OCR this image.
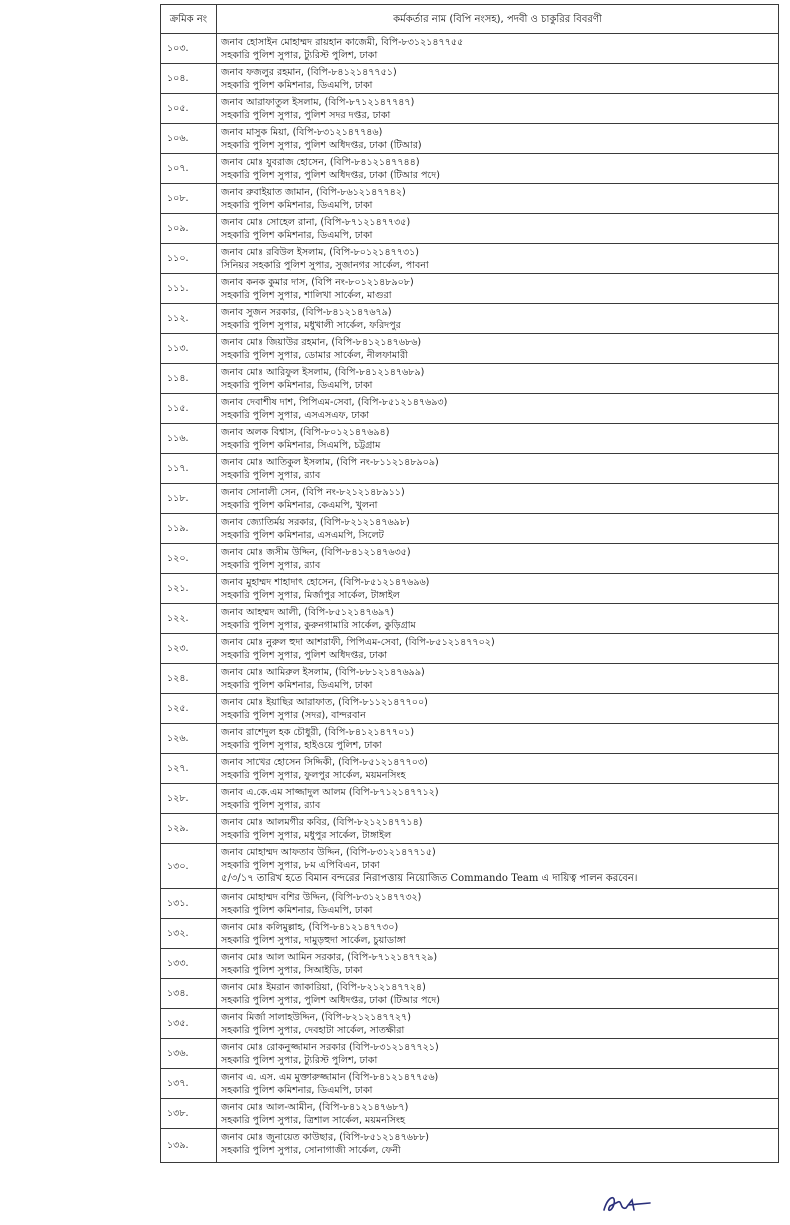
ক্রমিক নং	কর্মকর্তার নাম (বিপি নংসহ), পদবী ও চাকুরির বিবরণী
১০৩.	জনাব হোসাইন মোহাম্মদ রায়হান কাজেমী, বিপি-৮৩১২১৪৭৭৫৫
সহকারি পুলিশ সুপার, ট্যুরিস্ট পুলিশ, ঢাকা

১০৪.	জনাব ফজলুর রহমান, (বিপি-৮৪১২১৪৭৭৫১)
সহকারি পুলিশ কমিশনার, ডিএমপি, ঢাকা

১০৫.	জনাব আরাফাতুল ইসলাম, (বিপি-৮৭১২১৪৭৭৪৭)
সহকারি পুলিশ সুপার, পুলিশ সদর দপ্তর, ঢাকা

১০৬.	জনাব মাসুক মিয়া, (বিপি-৮৩১২১৪৭৭৪৬)
সহকারি পুলিশ সুপার, পুলিশ অধিদপ্তর, ঢাকা (টিআর)

১০৭.	জনাব মোঃ যুবরাজ হোসেন, (বিপি-৮৪১২১৪৭৭৪৪)
সহকারি পুলিশ সুপার, পুলিশ অধিদপ্তর, ঢাকা (টিআর পদে)

১০৮.	জনাব রুবাইয়াত জামান, (বিপি-৮৬১২১৪৭৭৪২)
সহকারি পুলিশ কমিশনার, ডিএমপি, ঢাকা

১০৯.	জনাব মোঃ সোহেল রানা, (বিপি-৮৭১২১৪৭৭৩৫)
সহকারি পুলিশ কমিশনার, ডিএমপি, ঢাকা

১১০.	জনাব মোঃ রবিউল ইসলাম, (বিপি-৮০১২১৪৭৭৩১)
সিনিয়র সহকারি পুলিশ সুপার, সুজানগর সার্কেল, পাবনা

১১১.	জনাব কনক কুমার দাস, (বিপি নং-৮০১২১৪৮৯০৮)
সহকারি পুলিশ সুপার, শালিখা সার্কেল, মাগুরা

১১২.	জনাব সুজন সরকার, (বিপি-৮৪১২১৪৭৬৭৯)
সহকারি পুলিশ সুপার, মধুখালী সার্কেল, ফরিদপুর

১১৩.	জনাব মোঃ জিয়াউর রহমান, (বিপি-৮৪১২১৪৭৬৮৬)
সহকারি পুলিশ সুপার, ডোমার সার্কেল, নীলফামারী

১১৪.	জনাব মোঃ আরিফুল ইসলাম, (বিপি-৮৪১২১৪৭৬৮৯)
সহকারি পুলিশ কমিশনার, ডিএমপি, ঢাকা

১১৫.	জনাব দেবাশীষ দাশ, পিপিএম-সেবা, (বিপি-৮৫১২১৪৭৬৯৩)
সহকারি পুলিশ সুপার, এসএসএফ, ঢাকা

১১৬.	জনাব অলক বিশ্বাস, (বিপি-৮০১২১৪৭৬৯৪)
সহকারি পুলিশ কমিশনার, সিএমপি, চট্টগ্রাম

১১৭.	জনাব মোঃ আতিকুল ইসলাম, (বিপি নং-৮১১২১৪৮৯০৯)
সহকারি পুলিশ সুপার, র‌্যাব

১১৮.	জনাব সোনালী সেন, (বিপি নং-৮২১২১৪৮৯১১)
সহকারি পুলিশ কমিশনার, কেএমপি, খুলনা

১১৯.	জনাব জ্যোতির্ময় সরকার, (বিপি-৮২১২১৪৭৬৯৮)
সহকারি পুলিশ কমিশনার, এসএমপি, সিলেট

১২০.	জনাব মোঃ জসীম উদ্দিন, (বিপি-৮৪১২১৪৭৬৩৫)
সহকারি পুলিশ সুপার, র‌্যাব

১২১.	জনাব মুহাম্মদ শাহাদাৎ হোসেন, (বিপি-৮৫১২১৪৭৬৯৬)
সহকারি পুলিশ সুপার, মির্জাপুর সার্কেল, টাঙ্গাইল

১২২.	জনাব আহম্মদ আলী, (বিপি-৮৫১২১৪৭৬৯৭)
সহকারি পুলিশ সুপার, কুরুনগামারি সার্কেল, কুড়িগ্রাম

১২৩.	জনাব মোঃ নুরুল হুদা আশরাফী, পিপিএম-সেবা, (বিপি-৮৫১২১৪৭৭০২)
সহকারি পুলিশ সুপার, পুলিশ অধিদপ্তর, ঢাকা

১২৪.	জনাব মোঃ আমিরুল ইসলাম, (বিপি-৮৮১২১৪৭৬৯৯)
সহকারি পুলিশ কমিশনার, ডিএমপি, ঢাকা

১২৫.	জনাব মোঃ ইয়াছির আরাফাত, (বিপি-৮১১২১৪৭৭০০)
সহকারি পুলিশ সুপার (সদর), বান্দরবান

১২৬.	জনাব রাশেদুল হক চৌধুরী, (বিপি-৮৪১২১৪৭৭০১)
সহকারি পুলিশ সুপার, হাইওয়ে পুলিশ, ঢাকা

১২৭.	জনাব সাখের হোসেন সিদ্দিকী, (বিপি-৮৫১২১৪৭৭০৩)
সহকারি পুলিশ সুপার, ফুলপুর সার্কেল, ময়মনসিংহ

১২৮.	জনাব এ.কে.এম সাজ্জাদুল আলম (বিপি-৮৭১২১৪৭৭১২)
সহকারি পুলিশ সুপার, র‌্যাব

১২৯.	জনাব মোঃ আলমগীর কবির, (বিপি-৮২১২১৪৭৭১৪)
সহকারি পুলিশ সুপার, মধুপুর সার্কেল, টাঙ্গাইল

১৩০.	জনাব মোহাম্মদ আফতাব উদ্দিন, (বিপি-৮৩১২১৪৭৭১৫)
সহকারি পুলিশ সুপার, ৮ম এপিবিএন, ঢাকা
৫/৩/১৭ তারিখ হতে বিমান বন্দরের নিরাপত্তায় নিয়োজিত Commando Team এ দায়িত্ব পালন করবেন।

১৩১.	জনাব মোহাম্মদ বশির উদ্দিন, (বিপি-৮৩১২১৪৭৭৩২)
সহকারি পুলিশ কমিশনার, ডিএমপি, ঢাকা

১৩২.	জনাব মোঃ কলিমুল্লাহ, (বিপি-৮৪১২১৪৭৭৩০)
সহকারি পুলিশ সুপার, দামুড়হুদা সার্কেল, চুয়াডাঙ্গা

১৩৩.	জনাব মোঃ আল আমিন সরকার, (বিপি-৮৭১২১৪৭৭২৯)
সহকারি পুলিশ সুপার, সিআইডি, ঢাকা

১৩৪.	জনাব মোঃ ইমরান জাকারিয়া, (বিপি-৮২১২১৪৭৭২৪)
সহকারি পুলিশ সুপার, পুলিশ অধিদপ্তর, ঢাকা (টিআর পদে)

১৩৫.	জনাব মির্জা সালাহউদ্দিন, (বিপি-৮২১২১৪৭৭২৭)
সহকারি পুলিশ সুপার, দেবহাটা সার্কেল, সাতক্ষীরা

১৩৬.	জনাব মোঃ রোকনুজ্জামান সরকার (বিপি-৮৩১২১৪৭৭২১)
সহকারি পুলিশ সুপার, ট্যুরিস্ট পুলিশ, ঢাকা

১৩৭.	জনাব এ. এস. এম মুক্তারুজ্জামান (বিপি-৮৪১২১৪৭৭৫৬)
সহকারি পুলিশ কমিশনার, ডিএমপি, ঢাকা

১৩৮.	জনাব মোঃ আল-আমীন, (বিপি-৮৪১২১৪৭৬৮৭)
সহকারি পুলিশ সুপার, ত্রিশাল সার্কেল, ময়মনসিংহ

১৩৯.	জনাব মোঃ জুনায়েত কাউছার, (বিপি-৮৫১২১৪৭৬৮৮)
সহকারি পুলিশ সুপার, সোনাগাজী সার্কেল, ফেনী
